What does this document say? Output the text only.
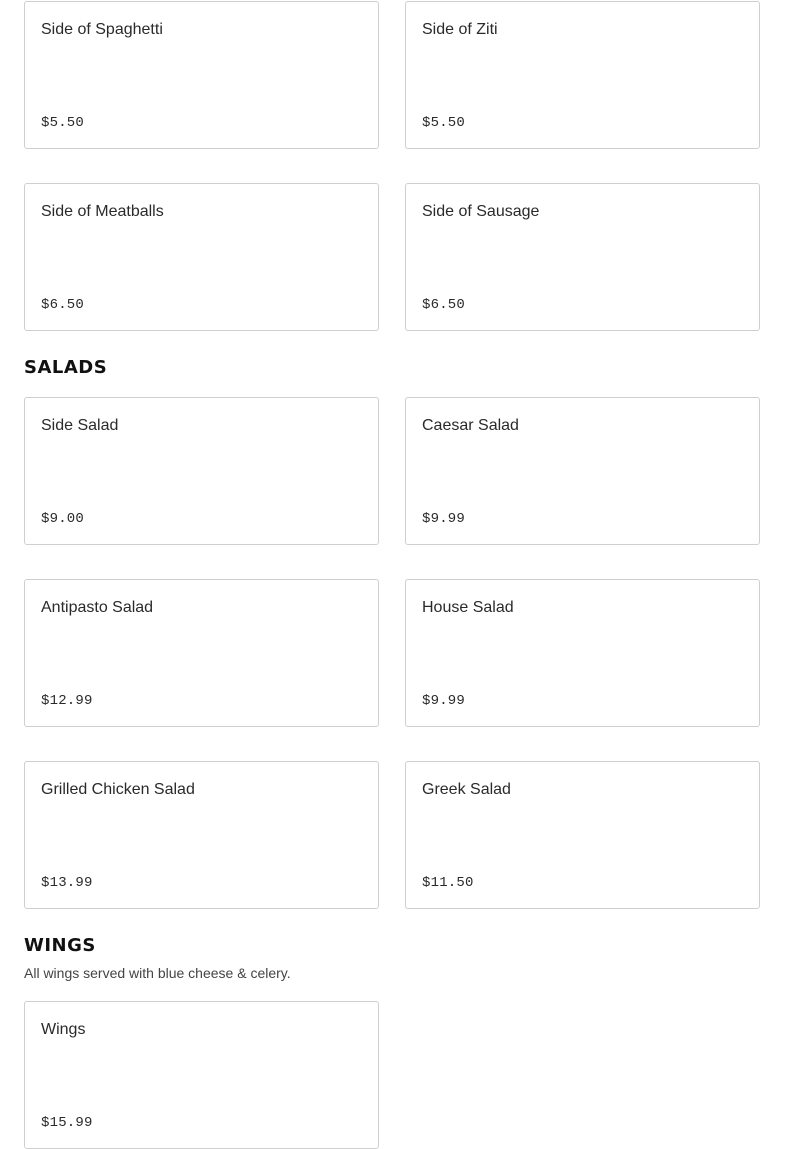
Side of Spaghetti
$5.50
Side of Ziti
$5.50
Side of Meatballs
$6.50
Side of Sausage
$6.50
SALADS
Side Salad
$9.00
Caesar Salad
$9.99
Antipasto Salad
$12.99
House Salad
$9.99
Grilled Chicken Salad
$13.99
Greek Salad
$11.50
WINGS
All wings served with blue cheese & celery.
Wings
$15.99
